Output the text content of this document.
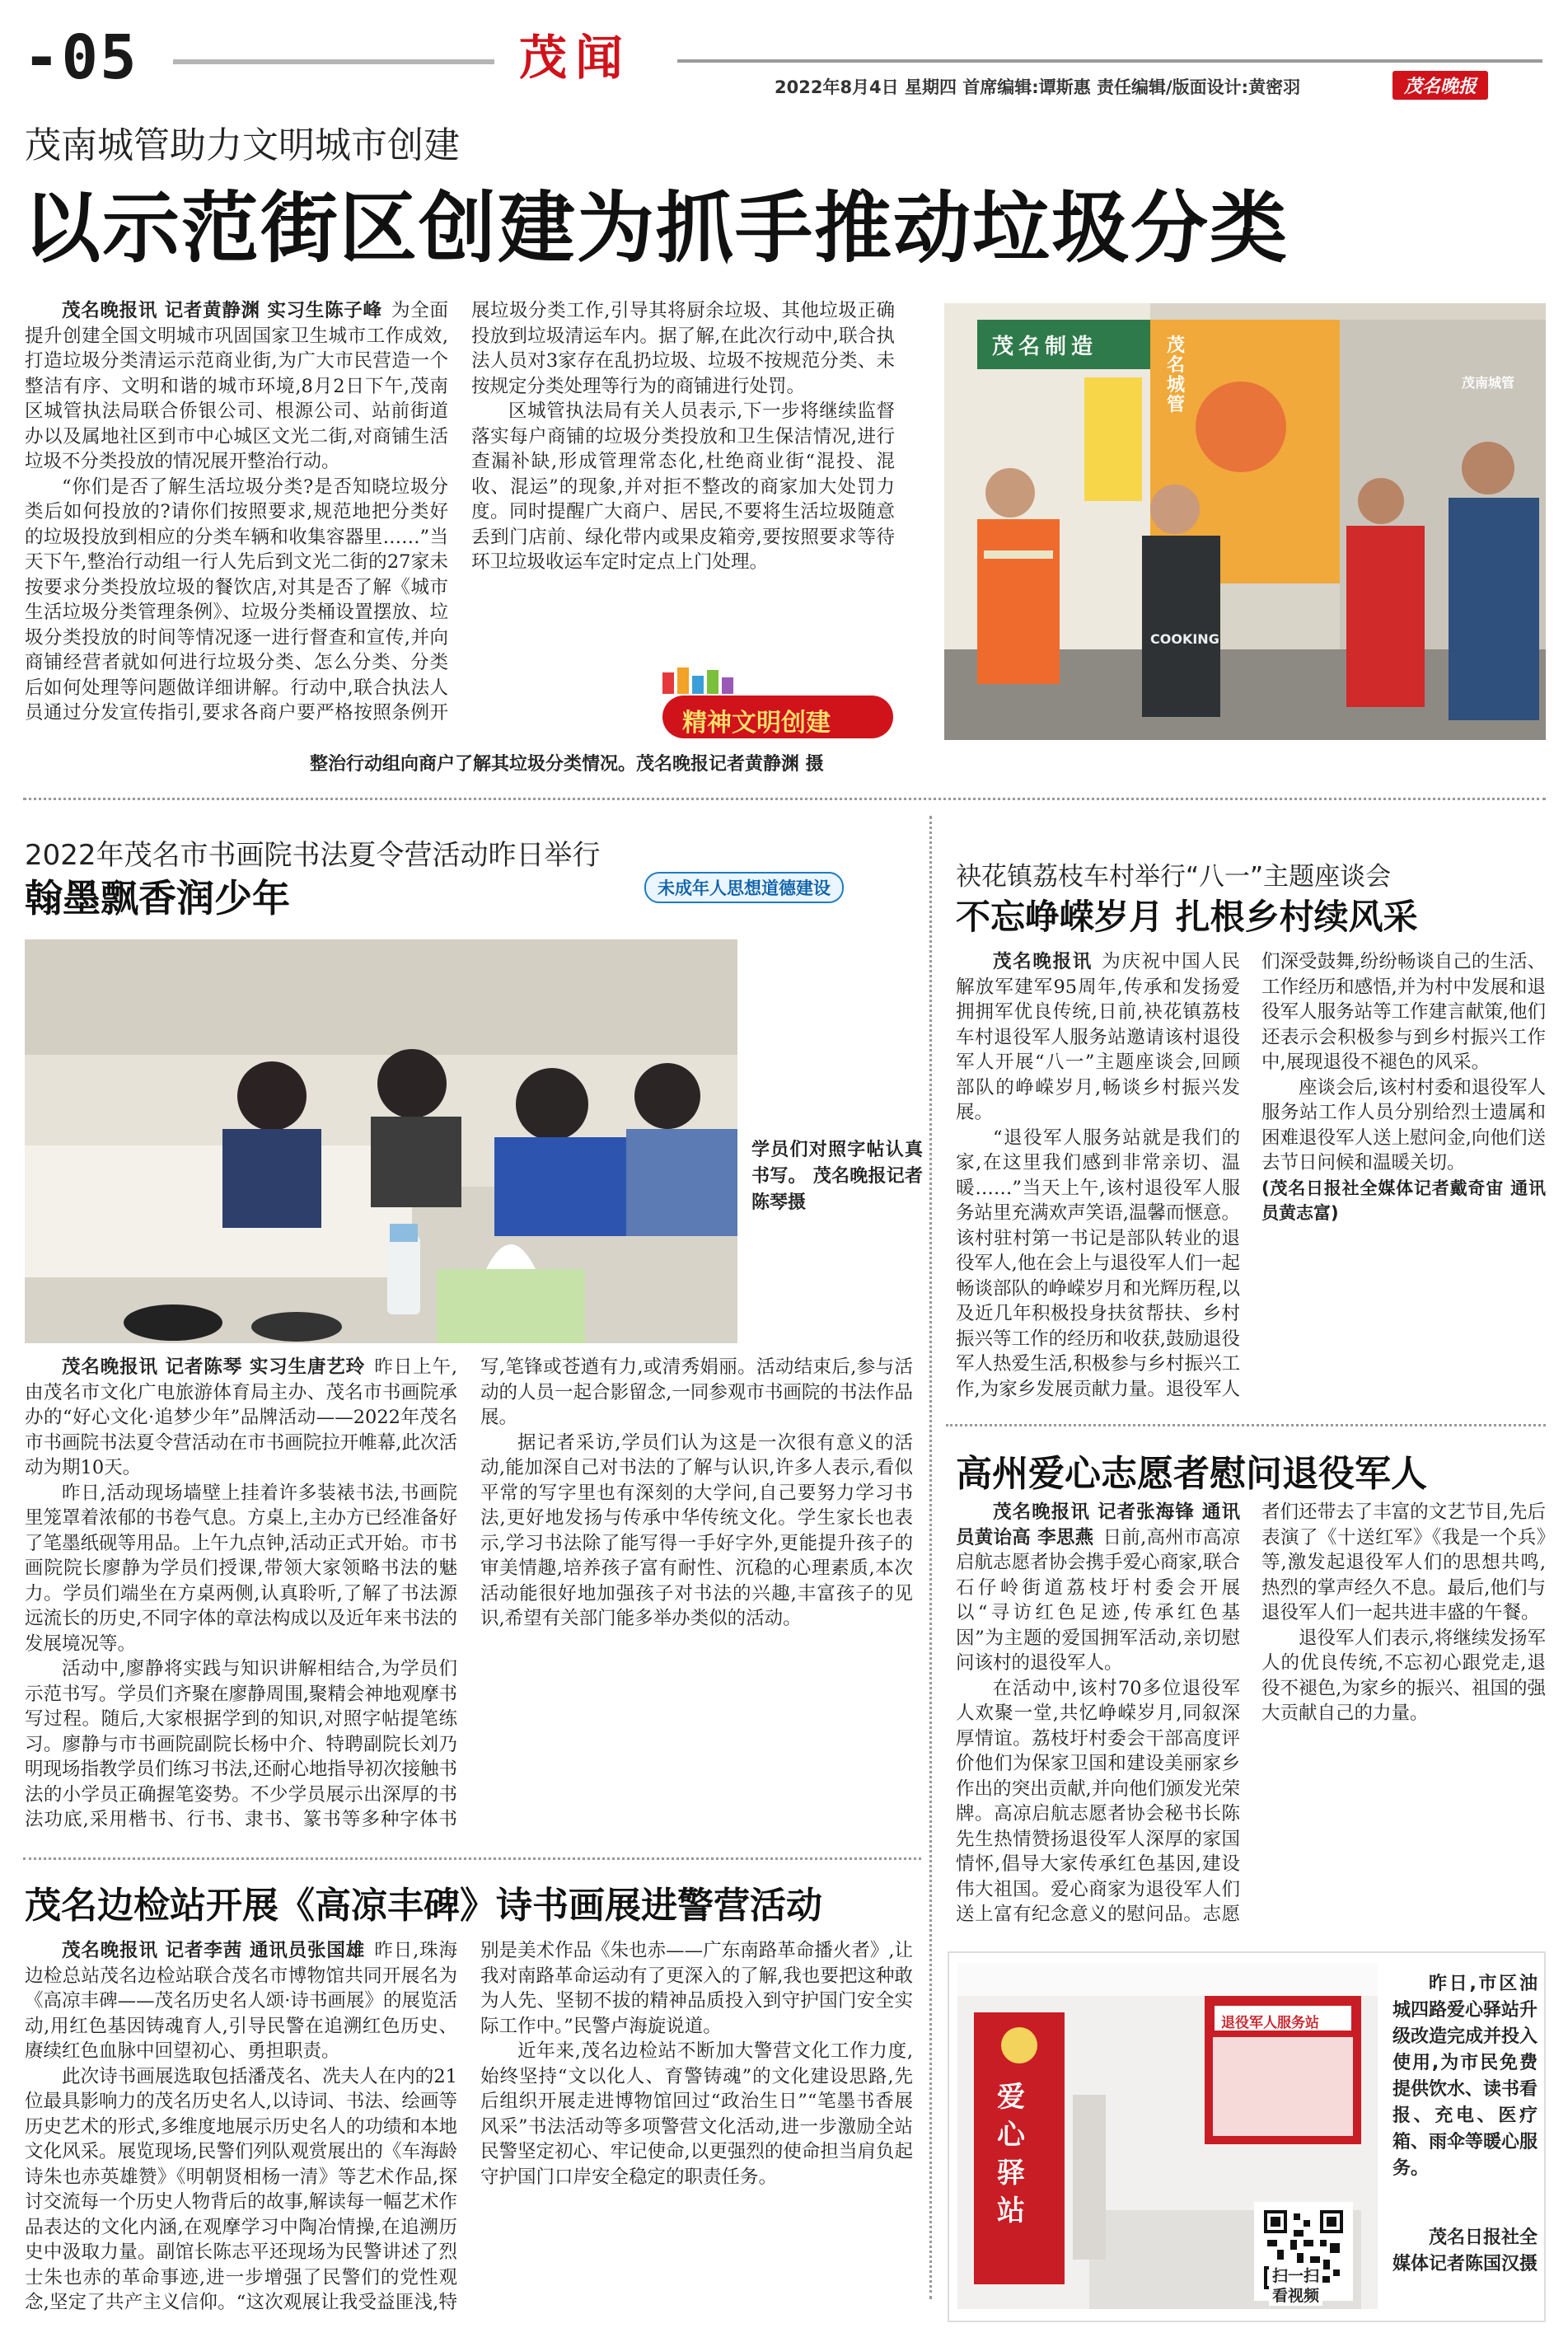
-05	茂闻
2022年8月4日 星期四 首席编辑:谭斯惠 责任编辑/版面设计:黄密羽	茂名晚报
茂南城管助力文明城市创建
以示范街区创建为抓手推动垃圾分类

茂名晚报讯 记者黄静渊 实习生陈子峰 为全面提升创建全国文明城市巩固国家卫生城市工作成效,打造垃圾分类清运示范商业街,为广大市民营造一个整洁有序、文明和谐的城市环境,8月2日下午,茂南区城管执法局联合侨银公司、根源公司、站前街道办以及属地社区到市中心城区文光二街,对商铺生活垃圾不分类投放的情况展开整治行动。

“你们是否了解生活垃圾分类?是否知晓垃圾分类后如何投放的?请你们按照要求,规范地把分类好的垃圾投放到相应的分类车辆和收集容器里……”当天下午,整治行动组一行人先后到文光二街的27家未按要求分类投放垃圾的餐饮店,对其是否了解《城市生活垃圾分类管理条例》、垃圾分类桶设置摆放、垃圾分类投放的时间等情况逐一进行督查和宣传,并向商铺经营者就如何进行垃圾分类、怎么分类、分类后如何处理等问题做详细讲解。行动中,联合执法人员通过分发宣传指引,要求各商户要严格按照条例开展垃圾分类工作,引导其将厨余垃圾、其他垃圾正确投放到垃圾清运车内。据了解,在此次行动中,联合执法人员对3家存在乱扔垃圾、垃圾不按规范分类、未按规定分类处理等行为的商铺进行处罚。

区城管执法局有关人员表示,下一步将继续监督落实每户商铺的垃圾分类投放和卫生保洁情况,进行查漏补缺,形成管理常态化,杜绝商业街“混投、混收、混运”的现象,并对拒不整改的商家加大处罚力度。同时提醒广大商户、居民,不要将生活垃圾随意丢到门店前、绿化带内或果皮箱旁,要按照要求等待环卫垃圾收运车定时定点上门处理。

精神文明创建
茂名制造	茂名城管
COOKING
茂南城管
整治行动组向商户了解其垃圾分类情况。茂名晚报记者黄静渊 摄
2022年茂名市书画院书法夏令营活动昨日举行
翰墨飘香润少年	未成年人思想道德建设
学员们对照字帖认真书写。 茂名晚报记者陈琴摄

茂名晚报讯 记者陈琴 实习生唐艺玲 昨日上午,由茂名市文化广电旅游体育局主办、茂名市书画院承办的“好心文化·追梦少年”品牌活动——2022年茂名市书画院书法夏令营活动在市书画院拉开帷幕,此次活动为期10天。

昨日,活动现场墙壁上挂着许多装裱书法,书画院里笼罩着浓郁的书卷气息。方桌上,主办方已经准备好了笔墨纸砚等用品。上午九点钟,活动正式开始。市书画院院长廖静为学员们授课,带领大家领略书法的魅力。学员们端坐在方桌两侧,认真聆听,了解了书法源远流长的历史,不同字体的章法构成以及近年来书法的发展境况等。

活动中,廖静将实践与知识讲解相结合,为学员们示范书写。学员们齐聚在廖静周围,聚精会神地观摩书写过程。随后,大家根据学到的知识,对照字帖提笔练习。廖静与市书画院副院长杨中介、特聘副院长刘乃明现场指教学员们练习书法,还耐心地指导初次接触书法的小学员正确握笔姿势。不少学员展示出深厚的书法功底,采用楷书、行书、隶书、篆书等多种字体书写,笔锋或苍遒有力,或清秀娟丽。活动结束后,参与活动的人员一起合影留念,一同参观市书画院的书法作品展。

据记者采访,学员们认为这是一次很有意义的活动,能加深自己对书法的了解与认识,许多人表示,看似平常的写字里也有深刻的大学问,自己要努力学习书法,更好地发扬与传承中华传统文化。学生家长也表示,学习书法除了能写得一手好字外,更能提升孩子的审美情趣,培养孩子富有耐性、沉稳的心理素质,本次活动能很好地加强孩子对书法的兴趣,丰富孩子的见识,希望有关部门能多举办类似的活动。

袂花镇荔枝车村举行“八一”主题座谈会
不忘峥嵘岁月 扎根乡村续风采

茂名晚报讯 为庆祝中国人民解放军建军95周年,传承和发扬爱拥拥军优良传统,日前,袂花镇荔枝车村退役军人服务站邀请该村退役军人开展“八一”主题座谈会,回顾部队的峥嵘岁月,畅谈乡村振兴发展。

“退役军人服务站就是我们的家,在这里我们感到非常亲切、温暖……”当天上午,该村退役军人服务站里充满欢声笑语,温馨而惬意。该村驻村第一书记是部队转业的退役军人,他在会上与退役军人们一起畅谈部队的峥嵘岁月和光辉历程,以及近几年积极投身扶贫帮扶、乡村振兴等工作的经历和收获,鼓励退役军人热爱生活,积极参与乡村振兴工作,为家乡发展贡献力量。退役军人们深受鼓舞,纷纷畅谈自己的生活、工作经历和感悟,并为村中发展和退役军人服务站等工作建言献策,他们还表示会积极参与到乡村振兴工作中,展现退役不褪色的风采。

座谈会后,该村村委和退役军人服务站工作人员分别给烈士遗属和困难退役军人送上慰问金,向他们送去节日问候和温暖关切。

(茂名日报社全媒体记者戴奇宙 通讯员黄志富)

高州爱心志愿者慰问退役军人

茂名晚报讯 记者张海锋 通讯员黄诒高 李思燕 日前,高州市高凉启航志愿者协会携手爱心商家,联合石仔岭街道荔枝圩村委会开展以“寻访红色足迹,传承红色基因”为主题的爱国拥军活动,亲切慰问该村的退役军人。

在活动中,该村70多位退役军人欢聚一堂,共忆峥嵘岁月,同叙深厚情谊。荔枝圩村委会干部高度评价他们为保家卫国和建设美丽家乡作出的突出贡献,并向他们颁发光荣牌。高凉启航志愿者协会秘书长陈先生热情赞扬退役军人深厚的家国情怀,倡导大家传承红色基因,建设伟大祖国。爱心商家为退役军人们送上富有纪念意义的慰问品。志愿者们还带去了丰富的文艺节目,先后表演了《十送红军》《我是一个兵》等,激发起退役军人们的思想共鸣,热烈的掌声经久不息。最后,他们与退役军人们一起共进丰盛的午餐。

退役军人们表示,将继续发扬军人的优良传统,不忘初心跟党走,退役不褪色,为家乡的振兴、祖国的强大贡献自己的力量。

茂名边检站开展《高凉丰碑》诗书画展进警营活动

茂名晚报讯 记者李茜 通讯员张国雄 昨日,珠海边检总站茂名边检站联合茂名市博物馆共同开展名为《高凉丰碑——茂名历史名人颂·诗书画展》的展览活动,用红色基因铸魂育人,引导民警在追溯红色历史、赓续红色血脉中回望初心、勇担职责。

此次诗书画展选取包括潘茂名、冼夫人在内的21位最具影响力的茂名历史名人,以诗词、书法、绘画等历史艺术的形式,多维度地展示历史名人的功绩和本地文化风采。展览现场,民警们列队观赏展出的《车海龄诗朱也赤英雄赞》《明朝贤相杨一清》等艺术作品,探讨交流每一个历史人物背后的故事,解读每一幅艺术作品表达的文化内涵,在观摩学习中陶冶情操,在追溯历史中汲取力量。副馆长陈志平还现场为民警讲述了烈士朱也赤的革命事迹,进一步增强了民警们的党性观念,坚定了共产主义信仰。“这次观展让我受益匪浅,特别是美术作品《朱也赤——广东南路革命播火者》,让我对南路革命运动有了更深入的了解,我也要把这种敢为人先、坚韧不拔的精神品质投入到守护国门安全实际工作中。”民警卢海旋说道。

近年来,茂名边检站不断加大警营文化工作力度,始终坚持“文以化人、育警铸魂”的文化建设思路,先后组织开展走进博物馆回过“政治生日”“笔墨书香展风采”书法活动等多项警营文化活动,进一步激励全站民警坚定初心、牢记使命,以更强烈的使命担当肩负起守护国门口岸安全稳定的职责任务。

爱心驿站
退役军人服务站
扫一扫
看视频
昨日,市区油城四路爱心驿站升级改造完成并投入使用,为市民免费提供饮水、读书看报、充电、医疗箱、雨伞等暖心服务。
茂名日报社全媒体记者陈国汉摄
